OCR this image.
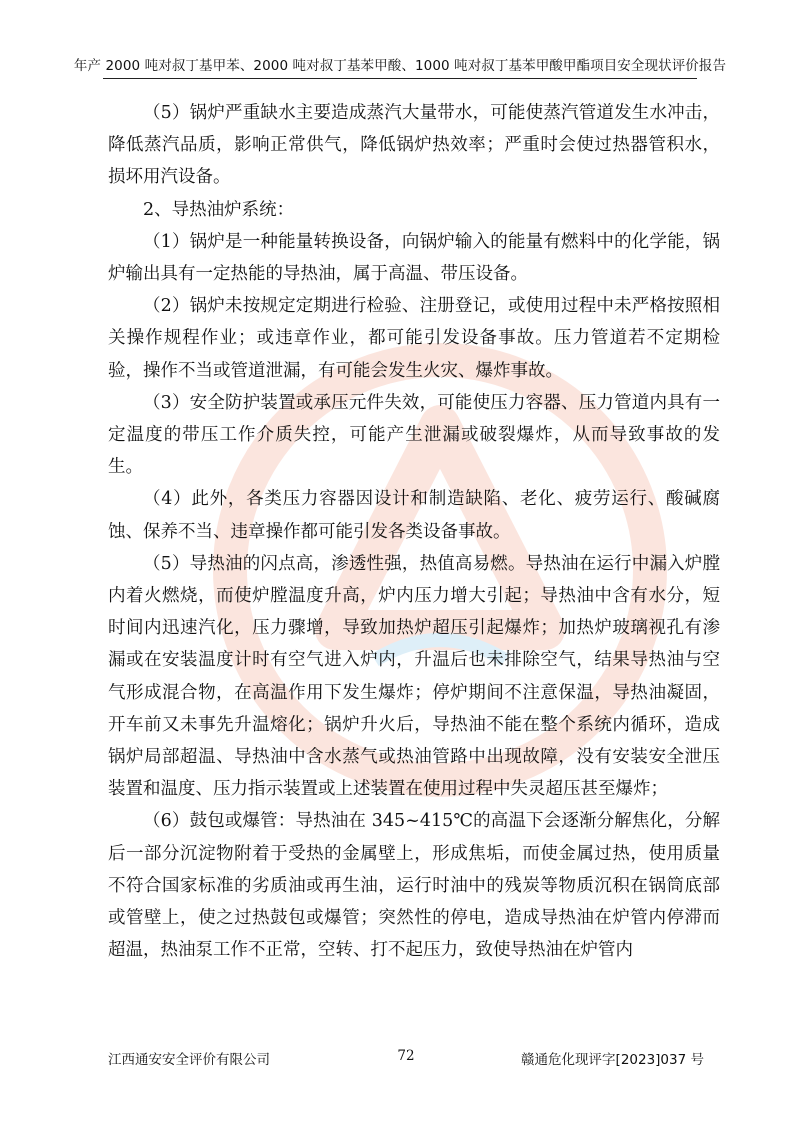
年产 2000 吨对叔丁基甲苯、2000 吨对叔丁基苯甲酸、1000 吨对叔丁基苯甲酸甲酯项目安全现状评价报告

（5）锅炉严重缺水主要造成蒸汽大量带水，可能使蒸汽管道发生水冲击，降低蒸汽品质，影响正常供气，降低锅炉热效率；严重时会使过热器管积水，损坏用汽设备。

2、导热油炉系统：

（1）锅炉是一种能量转换设备，向锅炉输入的能量有燃料中的化学能，锅炉输出具有一定热能的导热油，属于高温、带压设备。

（2）锅炉未按规定定期进行检验、注册登记，或使用过程中未严格按照相关操作规程作业；或违章作业，都可能引发设备事故。压力管道若不定期检验，操作不当或管道泄漏，有可能会发生火灾、爆炸事故。

（3）安全防护装置或承压元件失效，可能使压力容器、压力管道内具有一定温度的带压工作介质失控，可能产生泄漏或破裂爆炸，从而导致事故的发生。

（4）此外，各类压力容器因设计和制造缺陷、老化、疲劳运行、酸碱腐蚀、保养不当、违章操作都可能引发各类设备事故。

（5）导热油的闪点高，渗透性强，热值高易燃。导热油在运行中漏入炉膛内着火燃烧，而使炉膛温度升高，炉内压力增大引起；导热油中含有水分，短时间内迅速汽化，压力骤增，导致加热炉超压引起爆炸；加热炉玻璃视孔有渗漏或在安装温度计时有空气进入炉内，升温后也未排除空气，结果导热油与空气形成混合物，在高温作用下发生爆炸；停炉期间不注意保温，导热油凝固，开车前又未事先升温熔化；锅炉升火后，导热油不能在整个系统内循环，造成锅炉局部超温、导热油中含水蒸气或热油管路中出现故障，没有安装安全泄压装置和温度、压力指示装置或上述装置在使用过程中失灵超压甚至爆炸；

（6）鼓包或爆管：导热油在 345~415℃的高温下会逐渐分解焦化，分解后一部分沉淀物附着于受热的金属壁上，形成焦垢，而使金属过热，使用质量不符合国家标准的劣质油或再生油，运行时油中的残炭等物质沉积在锅筒底部或管壁上，使之过热鼓包或爆管；突然性的停电，造成导热油在炉管内停滞而超温，热油泵工作不正常，空转、打不起压力，致使导热油在炉管内

江西通安安全评价有限公司	72	赣通危化现评字[2023]037 号
